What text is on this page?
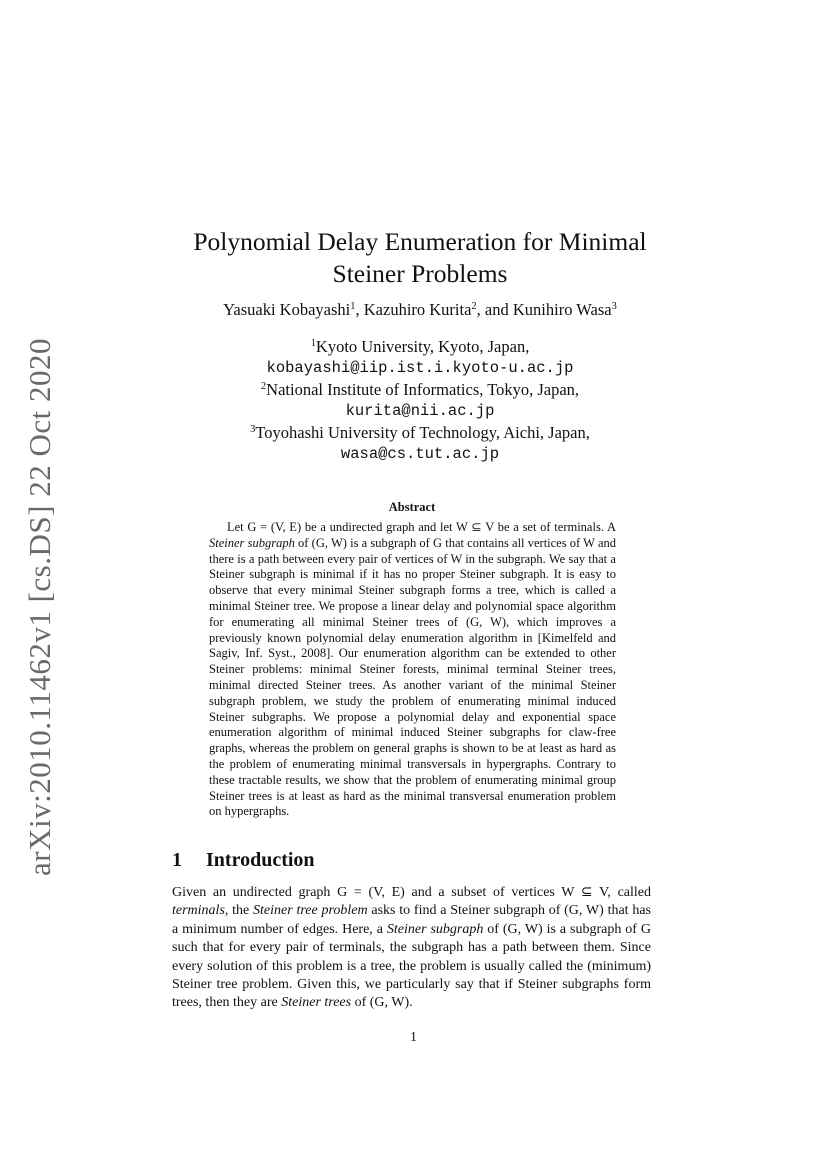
arXiv:2010.11462v1 [cs.DS] 22 Oct 2020
Polynomial Delay Enumeration for Minimal
Steiner Problems
Yasuaki Kobayashi$^1$, Kazuhiro Kurita$^2$, and Kunihiro Wasa$^3$
$^1$Kyoto University, Kyoto, Japan,
kobayashi@iip.ist.i.kyoto-u.ac.jp
$^2$National Institute of Informatics, Tokyo, Japan,
kurita@nii.ac.jp
$^3$Toyohashi University of Technology, Aichi, Japan,
wasa@cs.tut.ac.jp
Abstract

Let G = (V, E) be a undirected graph and let W ⊆ V be a set of terminals. A Steiner subgraph of (G, W) is a subgraph of G that contains all vertices of W and there is a path between every pair of vertices of W in the subgraph. We say that a Steiner subgraph is minimal if it has no proper Steiner subgraph. It is easy to observe that every minimal Steiner subgraph forms a tree, which is called a minimal Steiner tree. We propose a linear delay and polynomial space algorithm for enumerating all minimal Steiner trees of (G, W), which improves a previously known polynomial delay enumeration algorithm in [Kimelfeld and Sagiv, Inf. Syst., 2008]. Our enumeration algorithm can be extended to other Steiner problems: minimal Steiner forests, minimal terminal Steiner trees, minimal directed Steiner trees. As another variant of the minimal Steiner subgraph problem, we study the problem of enumerating minimal induced Steiner subgraphs. We propose a polynomial delay and exponential space enumeration algorithm of minimal induced Steiner subgraphs for claw-free graphs, whereas the problem on general graphs is shown to be at least as hard as the problem of enumerating minimal transversals in hypergraphs. Contrary to these tractable results, we show that the problem of enumerating minimal group Steiner trees is at least as hard as the minimal transversal enumeration problem on hypergraphs.

1 Introduction

Given an undirected graph G = (V, E) and a subset of vertices W ⊆ V, called terminals, the Steiner tree problem asks to find a Steiner subgraph of (G, W) that has a minimum number of edges. Here, a Steiner subgraph of (G, W) is a subgraph of G such that for every pair of terminals, the subgraph has a path between them. Since every solution of this problem is a tree, the problem is usually called the (minimum) Steiner tree problem. Given this, we particularly say that if Steiner subgraphs form trees, then they are Steiner trees of (G, W).

1
